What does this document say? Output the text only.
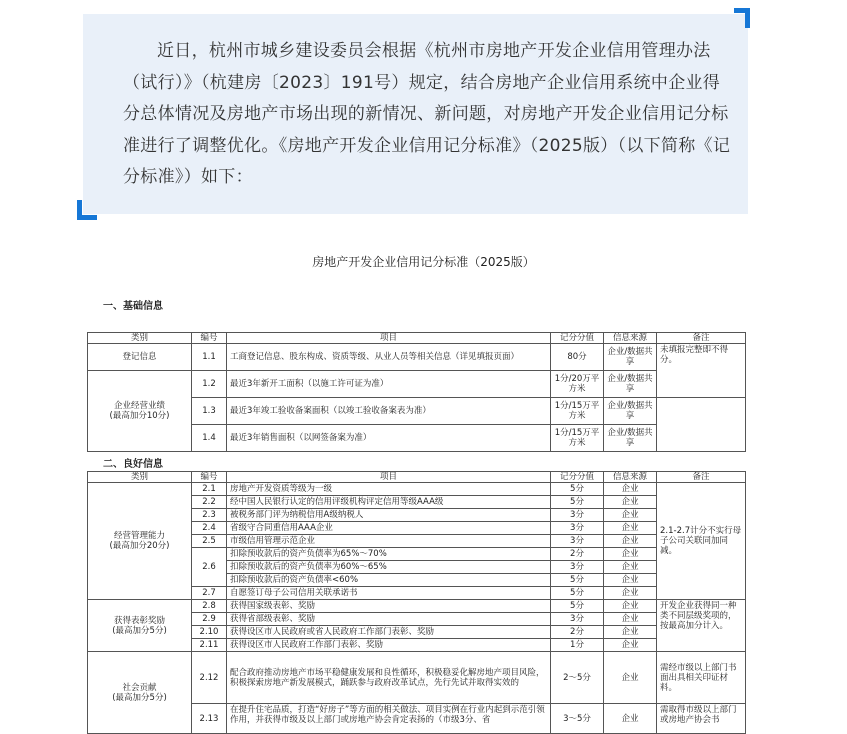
近日，杭州市城乡建设委员会根据《杭州市房地产开发企业信用管理办法（试行）》（杭建房〔2023〕191号）规定，结合房地产企业信用系统中企业得分总体情况及房地产市场出现的新情况、新问题，对房地产开发企业信用记分标准进行了调整优化。《房地产开发企业信用记分标准》（2025版）（以下简称《记分标准》）如下：

房地产开发企业信用记分标准（2025版）
一、基础信息
类别	编号	项目	记分分值	信息来源	备注
登记信息	1.1	工商登记信息、股东构成、资质等级、从业人员等相关信息（详见填报页面）	80分	企业/数据共享	未填报完整即不得分。
企业经营业绩
(最高加分10分)	1.2	最近3年新开工面积（以施工许可证为准）	1分/20万平方米	企业/数据共享	
	1.3	最近3年竣工验收备案面积（以竣工验收备案表为准）	1分/15万平方米	企业/数据共享	
	1.4	最近3年销售面积（以网签备案为准）	1分/15万平方米	企业/数据共享	
二、良好信息
类别	编号	项目	记分分值	信息来源	备注
经营管理能力
(最高加分20分)	2.1	房地产开发资质等级为一级	5分	企业	2.1-2.7计分不实行母子公司关联同加同减。
	2.2	经中国人民银行认定的信用评级机构评定信用等级AAA级	5分	企业	
	2.3	被税务部门评为纳税信用A级纳税人	3分	企业	
	2.4	省级守合同重信用AAA企业	3分	企业	
	2.5	市级信用管理示范企业	3分	企业	
	2.6	扣除预收款后的资产负债率为65%～70%	2分	企业	
		扣除预收款后的资产负债率为60%～65%	3分	企业	
		扣除预收款后的资产负债率<60%	5分	企业	
	2.7	自愿签订母子公司信用关联承诺书	5分	企业	
获得表彰奖励
(最高加分5分)	2.8	获得国家级表彰、奖励	5分	企业	开发企业获得同一种类不同层级奖项的，按最高加分计入。
	2.9	获得省部级表彰、奖励	3分	企业	
	2.10	获得设区市人民政府或省人民政府工作部门表彰、奖励	2分	企业	
	2.11	获得设区市人民政府工作部门表彰、奖励	1分	企业	
社会贡献
(最高加分5分)	2.12	配合政府推动房地产市场平稳健康发展和良性循环，积极稳妥化解房地产项目风险，积极探索房地产新发展模式，踊跃参与政府改革试点，先行先试并取得实效的	2～5分	企业	需经市级以上部门书面出具相关印证材料。
	2.13	在提升住宅品质，打造“好房子”等方面的相关做法、项目实例在行业内起到示范引领作用，并获得市级及以上部门或房地产协会肯定表扬的（市级3分、省	3～5分	企业	需取得市级以上部门或房地产协会书
